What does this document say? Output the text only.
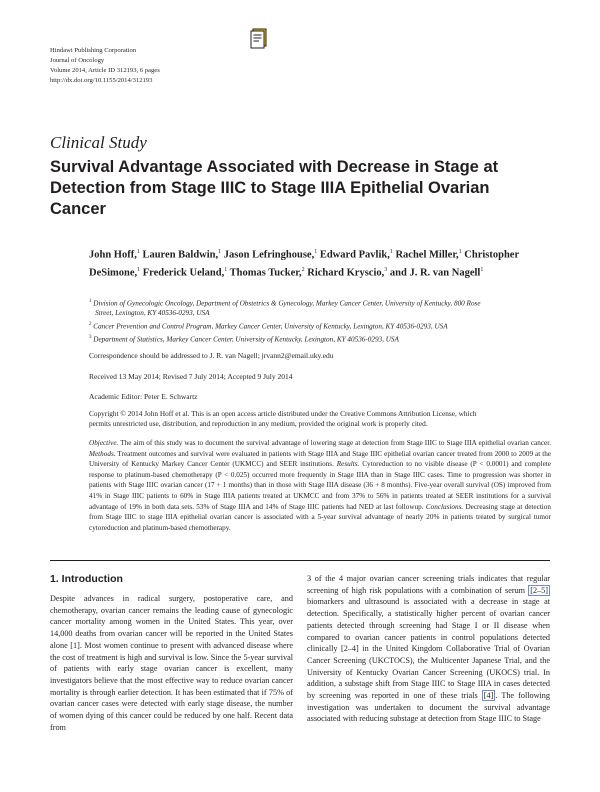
Hindawi Publishing Corporation
Journal of Oncology
Volume 2014, Article ID 312193, 6 pages
http://dx.doi.org/10.1155/2014/312193
Clinical Study
Survival Advantage Associated with Decrease in Stage at Detection from Stage IIIC to Stage IIIA Epithelial Ovarian Cancer
John Hoff,$^1$ Lauren Baldwin,$^1$ Jason Lefringhouse,$^1$ Edward Pavlik,$^1$ Rachel Miller,$^1$ Christopher DeSimone,$^1$ Frederick Ueland,$^1$ Thomas Tucker,$^2$ Richard Kryscio,$^3$ and J. R. van Nagell$^1$
$^1$ Division of Gynecologic Oncology, Department of Obstetrics & Gynecology, Markey Cancer Center, University of Kentucky, 800 Rose
Street, Lexington, KY 40536-0293, USA
$^2$ Cancer Prevention and Control Program, Markey Cancer Center, University of Kentucky, Lexington, KY 40536-0293, USA
$^3$ Department of Statistics, Markey Cancer Center, University of Kentucky, Lexington, KY 40536-0293, USA
Correspondence should be addressed to J. R. van Nagell; jrvann2@email.uky.edu
Received 13 May 2014; Revised 7 July 2014; Accepted 9 July 2014
Academic Editor: Peter E. Schwartz
Copyright © 2014 John Hoff et al. This is an open access article distributed under the Creative Commons Attribution License, which
permits unrestricted use, distribution, and reproduction in any medium, provided the original work is properly cited.
Objective. The aim of this study was to document the survival advantage of lowering stage at detection from Stage IIIC to Stage IIIA epithelial ovarian cancer. Methods. Treatment outcomes and survival were evaluated in patients with Stage IIIA and Stage IIIC epithelial ovarian cancer treated from 2000 to 2009 at the University of Kentucky Markey Cancer Center (UKMCC) and SEER institutions. Results. Cytoreduction to no visible disease (P < 0.0001) and complete response to platinum-based chemotherapy (P < 0.025) occurred more frequently in Stage IIIA than in Stage IIIC cases. Time to progression was shorter in patients with Stage IIIC ovarian cancer (17 + 1 months) than in those with Stage IIIA disease (36 + 8 months). Five-year overall survival (OS) improved from 41% in Stage IIIC patients to 60% in Stage IIIA patients treated at UKMCC and from 37% to 56% in patients treated at SEER institutions for a survival advantage of 19% in both data sets. 53% of Stage IIIA and 14% of Stage IIIC patients had NED at last followup. Conclusions. Decreasing stage at detection from Stage IIIC to stage IIIA epithelial ovarian cancer is associated with a 5-year survival advantage of nearly 20% in patients treated by surgical tumor cytoreduction and platinum-based chemotherapy.
1. Introduction
Despite advances in radical surgery, postoperative care, and chemotherapy, ovarian cancer remains the leading cause of gynecologic cancer mortality among women in the United States. This year, over 14,000 deaths from ovarian cancer will be reported in the United States alone [1]. Most women continue to present with advanced disease where the cost of treatment is high and survival is low. Since the 5-year survival of patients with early stage ovarian cancer is excellent, many investigators believe that the most effective way to reduce ovarian cancer mortality is through earlier detection. It has been estimated that if 75% of ovarian cancer cases were detected with early stage disease, the number of women dying of this cancer could be reduced by one half. Recent data from
3 of the 4 major ovarian cancer screening trials indicates that regular screening of high risk populations with a combination of serum [2–5] biomarkers and ultrasound is associated with a decrease in stage at detection. Specifically, a statistically higher percent of ovarian cancer patients detected through screening had Stage I or II disease when compared to ovarian cancer patients in control populations detected clinically [2–4] in the United Kingdom Collaborative Trial of Ovarian Cancer Screening (UKCTOCS), the Multicenter Japanese Trial, and the University of Kentucky Ovarian Cancer Screening (UKOCS) trial. In addition, a substage shift from Stage IIIC to Stage IIIA in cases detected by screening was reported in one of these trials [4] . The following investigation was undertaken to document the survival advantage associated with reducing substage at detection from Stage IIIC to Stage
